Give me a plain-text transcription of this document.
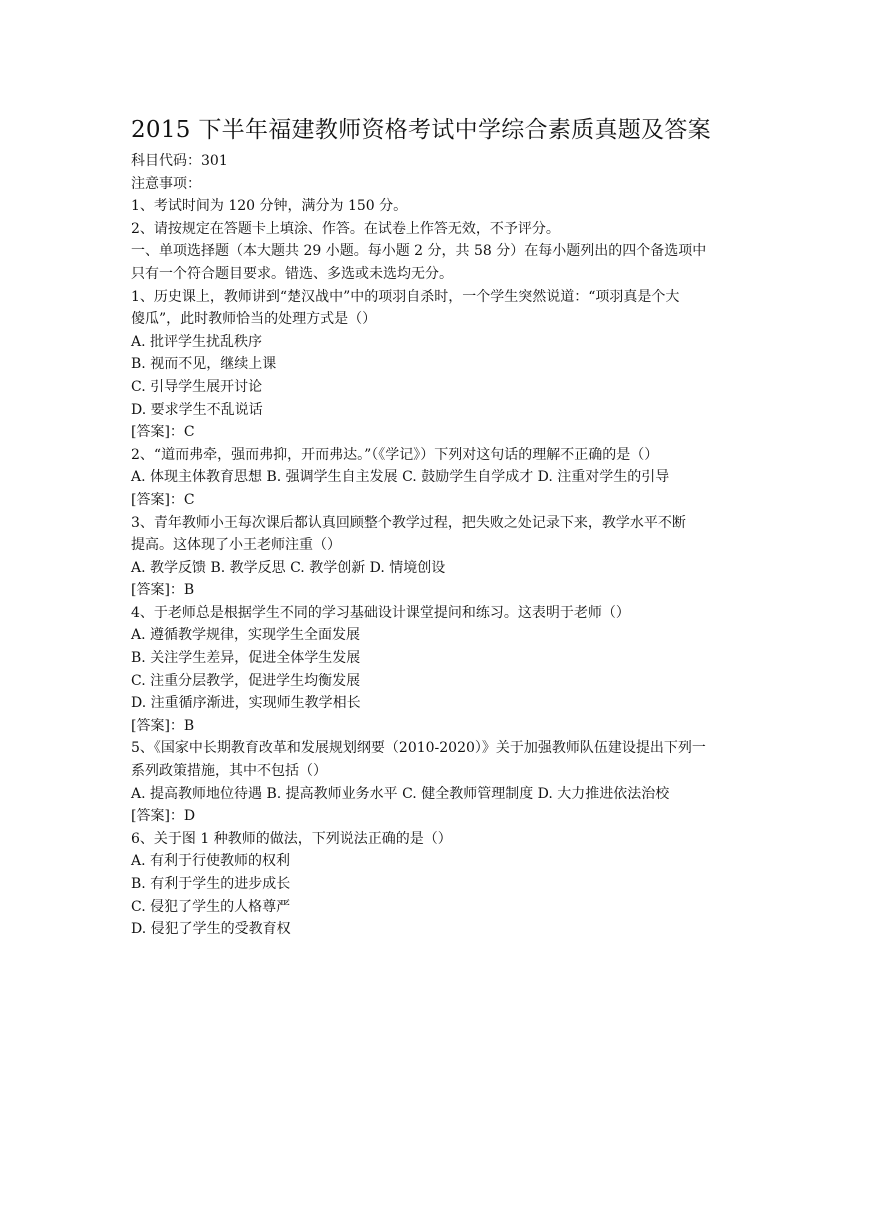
2015 下半年福建教师资格考试中学综合素质真题及答案

科目代码：301

注意事项：

1、考试时间为 120 分钟，满分为 150 分。

2、请按规定在答题卡上填涂、作答。在试卷上作答无效，不予评分。

一、单项选择题（本大题共 29 小题。每小题 2 分，共 58 分）在每小题列出的四个备选项中

只有一个符合题目要求。错选、多选或未选均无分。

1、历史课上，教师讲到“楚汉战中”中的项羽自杀时，一个学生突然说道：“项羽真是个大

傻瓜”，此时教师恰当的处理方式是（）

A. 批评学生扰乱秩序

B. 视而不见，继续上课

C. 引导学生展开讨论

D. 要求学生不乱说话

[答案]：C

2、“道而弗牵，强而弗抑，开而弗达。”（《学记》）下列对这句话的理解不正确的是（）

A. 体现主体教育思想 B. 强调学生自主发展 C. 鼓励学生自学成才 D. 注重对学生的引导

[答案]：C

3、青年教师小王每次课后都认真回顾整个教学过程，把失败之处记录下来，教学水平不断

提高。这体现了小王老师注重（）

A. 教学反馈 B. 教学反思 C. 教学创新 D. 情境创设

[答案]：B

4、于老师总是根据学生不同的学习基础设计课堂提问和练习。这表明于老师（）

A. 遵循教学规律，实现学生全面发展

B. 关注学生差异，促进全体学生发展

C. 注重分层教学，促进学生均衡发展

D. 注重循序渐进，实现师生教学相长

[答案]：B

5、《国家中长期教育改革和发展规划纲要（2010-2020）》关于加强教师队伍建设提出下列一

系列政策措施，其中不包括（）

A. 提高教师地位待遇 B. 提高教师业务水平 C. 健全教师管理制度 D. 大力推进依法治校

[答案]：D

6、关于图 1 种教师的做法，下列说法正确的是（）

A. 有利于行使教师的权利

B. 有利于学生的进步成长

C. 侵犯了学生的人格尊严

D. 侵犯了学生的受教育权
